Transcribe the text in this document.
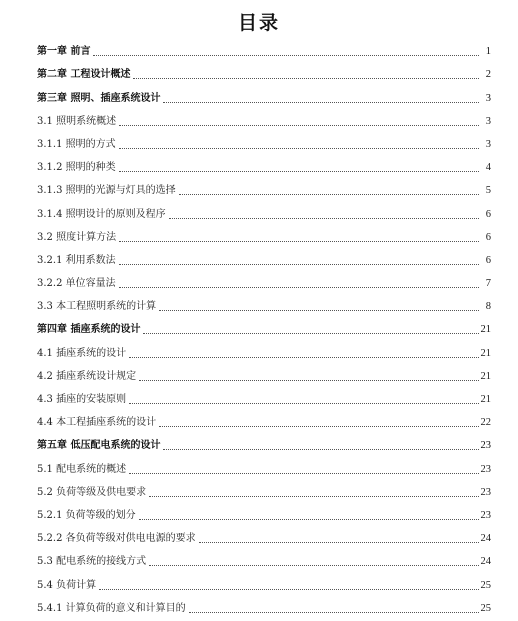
目录
第一章 前言	1
第二章 工程设计概述	2
第三章 照明、插座系统设计	3
3.1 照明系统概述	3
3.1.1 照明的方式	3
3.1.2 照明的种类	4
3.1.3 照明的光源与灯具的选择	5
3.1.4 照明设计的原则及程序	6
3.2 照度计算方法	6
3.2.1 利用系数法	6
3.2.2 单位容量法	7
3.3 本工程照明系统的计算	8
第四章 插座系统的设计	21
4.1 插座系统的设计	21
4.2 插座系统设计规定	21
4.3 插座的安装原则	21
4.4 本工程插座系统的设计	22
第五章 低压配电系统的设计	23
5.1 配电系统的概述	23
5.2 负荷等级及供电要求	23
5.2.1 负荷等级的划分	23
5.2.2 各负荷等级对供电电源的要求	24
5.3 配电系统的接线方式	24
5.4 负荷计算	25
5.4.1 计算负荷的意义和计算目的	25
